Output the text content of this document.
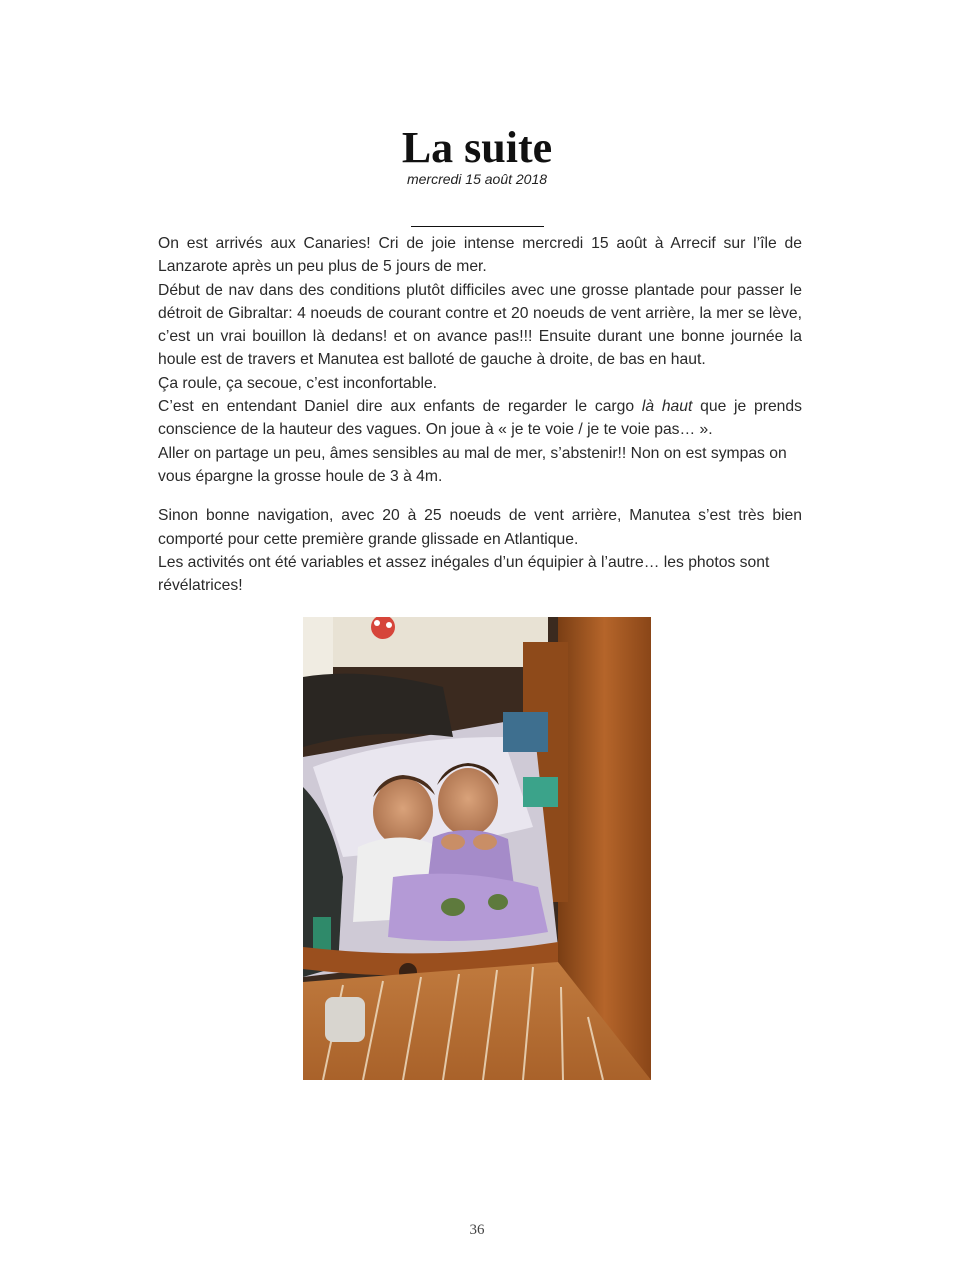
La suite
mercredi 15 août 2018

On est arrivés aux Canaries! Cri de joie intense mercredi 15 août à Arrecif sur l’île de Lanzarote après un peu plus de 5 jours de mer.

Début de nav dans des conditions plutôt difficiles avec une grosse plantade pour passer le détroit de Gibraltar: 4 noeuds de courant contre et 20 noeuds de vent arrière, la mer se lève, c’est un vrai bouillon là dedans! et on avance pas!!! Ensuite durant une bonne journée la houle est de travers et Manutea est balloté de gauche à droite, de bas en haut.

Ça roule, ça secoue, c’est inconfortable.

C’est en entendant Daniel dire aux enfants de regarder le cargo là haut que je prends conscience de la hauteur des vagues. On joue à « je te voie / je te voie pas… ».

Aller on partage un peu, âmes sensibles au mal de mer, s’abstenir!! Non on est sympas on vous épargne la grosse houle de 3 à 4m.

Sinon bonne navigation, avec 20 à 25 noeuds de vent arrière, Manutea s’est très bien comporté pour cette première grande glissade en Atlantique.

Les activités ont été variables et assez inégales d’un équipier à l’autre… les photos sont révélatrices!

36
